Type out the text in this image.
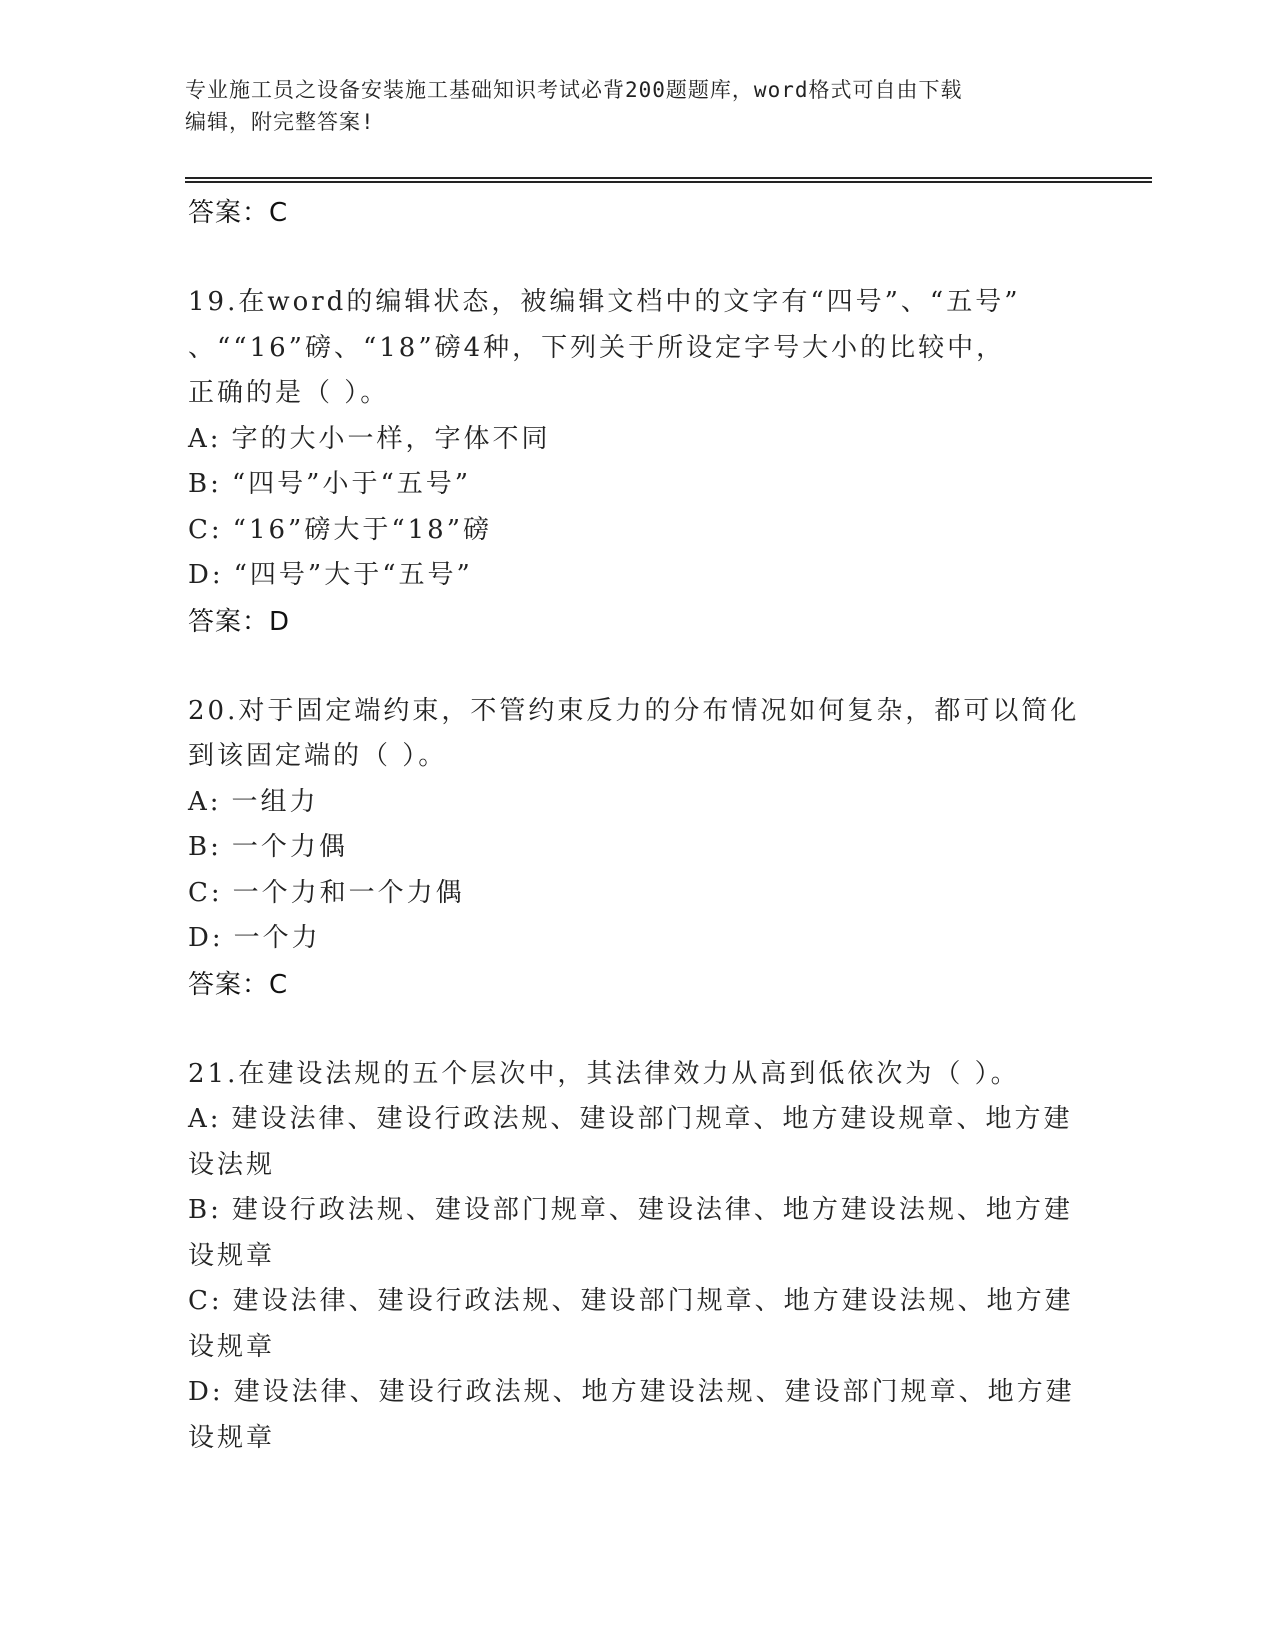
专业施工员之设备安装施工基础知识考试必背200题题库，word格式可自由下载
编辑，附完整答案!
答案：C
19.在word的编辑状态，被编辑文档中的文字有“四号”、“五号”
、““16”磅、“18”磅4种，下列关于所设定字号大小的比较中，
正确的是（ ）。
A : 字的大小一样，字体不同
B : “四号”小于“五号”
C : “16”磅大于“18”磅
D : “四号”大于“五号”
答案：D
20.对于固定端约束，不管约束反力的分布情况如何复杂，都可以简化
到该固定端的（ ）。
A : 一组力
B : 一个力偶
C : 一个力和一个力偶
D : 一个力
答案：C
21.在建设法规的五个层次中，其法律效力从高到低依次为（ ）。
A : 建设法律、建设行政法规、建设部门规章、地方建设规章、地方建
设法规
B : 建设行政法规、建设部门规章、建设法律、地方建设法规、地方建
设规章
C : 建设法律、建设行政法规、建设部门规章、地方建设法规、地方建
设规章
D : 建设法律、建设行政法规、地方建设法规、建设部门规章、地方建
设规章
